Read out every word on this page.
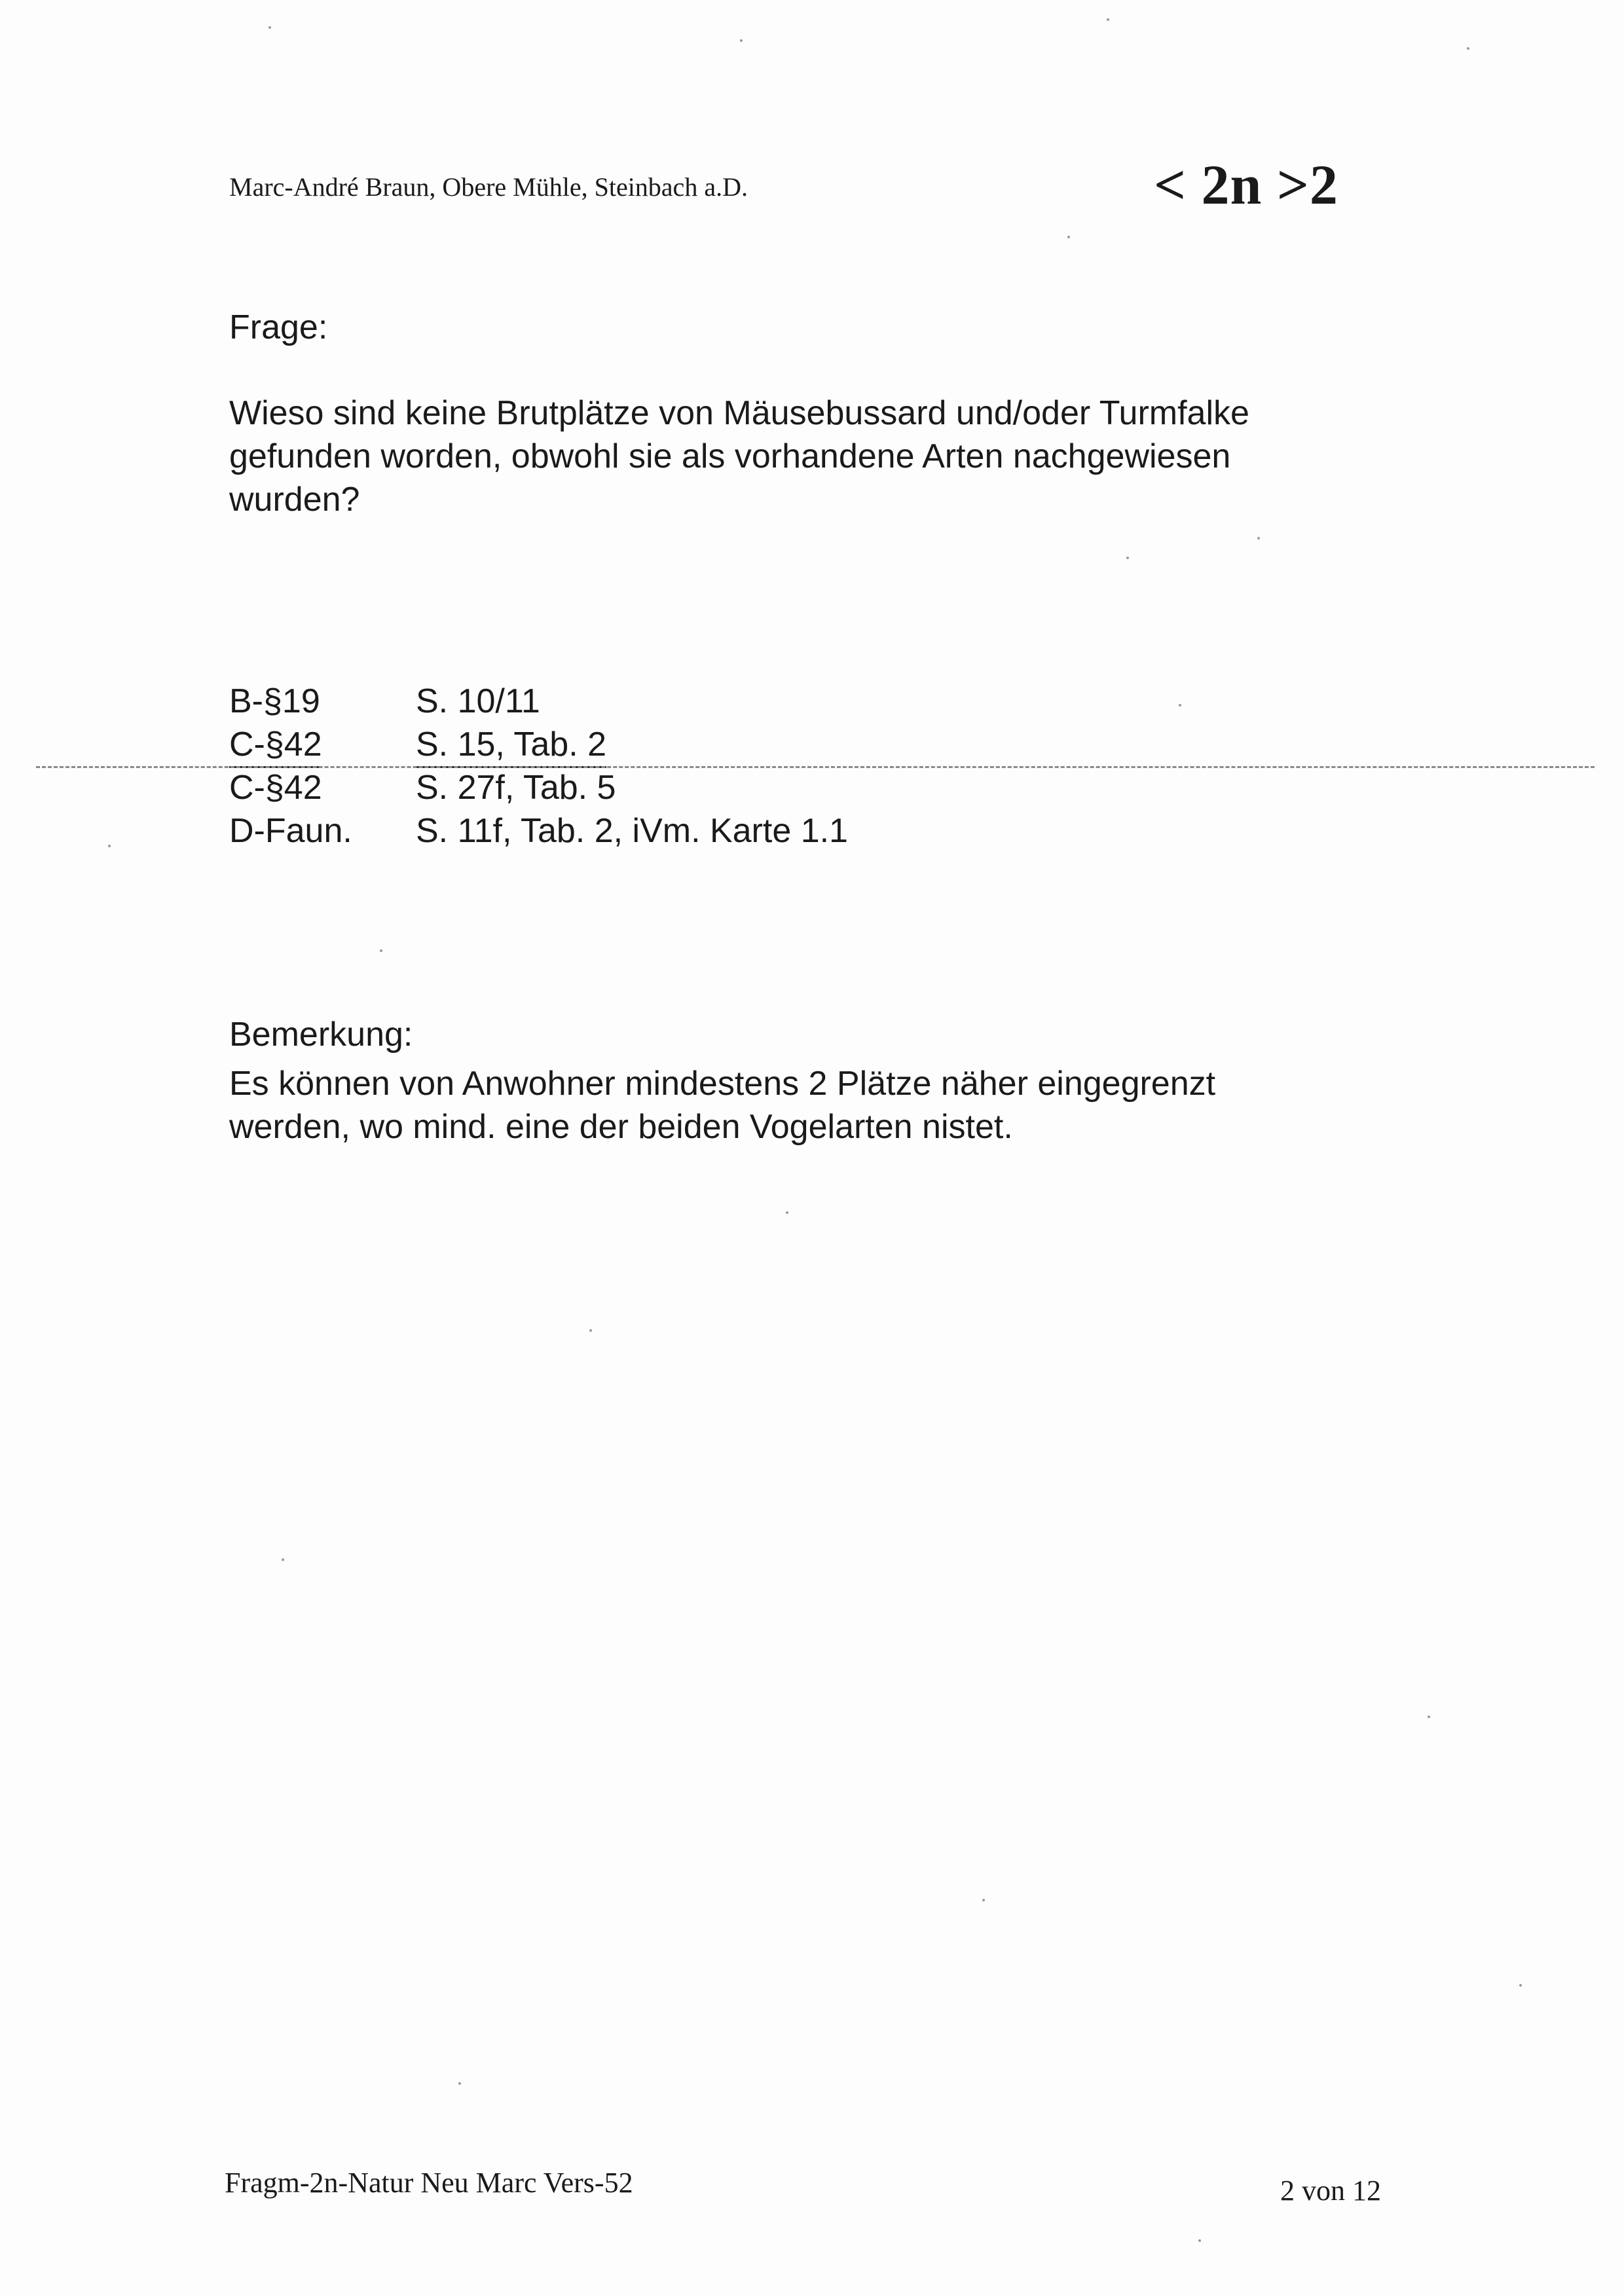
Marc-André Braun, Obere Mühle, Steinbach a.D.	< 2n >2
Frage:
Wieso sind keine Brutplätze von Mäusebussard und/oder Turmfalke
gefunden worden, obwohl sie als vorhandene Arten nachgewiesen
wurden?
B-§19	S. 10/11
C-§42	S. 15, Tab. 2
C-§42	S. 27f, Tab. 5
D-Faun. S. 11f, Tab. 2, iVm. Karte 1.1
Bemerkung:
Es können von Anwohner mindestens 2 Plätze näher eingegrenzt
werden, wo mind. eine der beiden Vogelarten nistet.
Fragm-2n-Natur Neu Marc Vers-52	2 von 12
